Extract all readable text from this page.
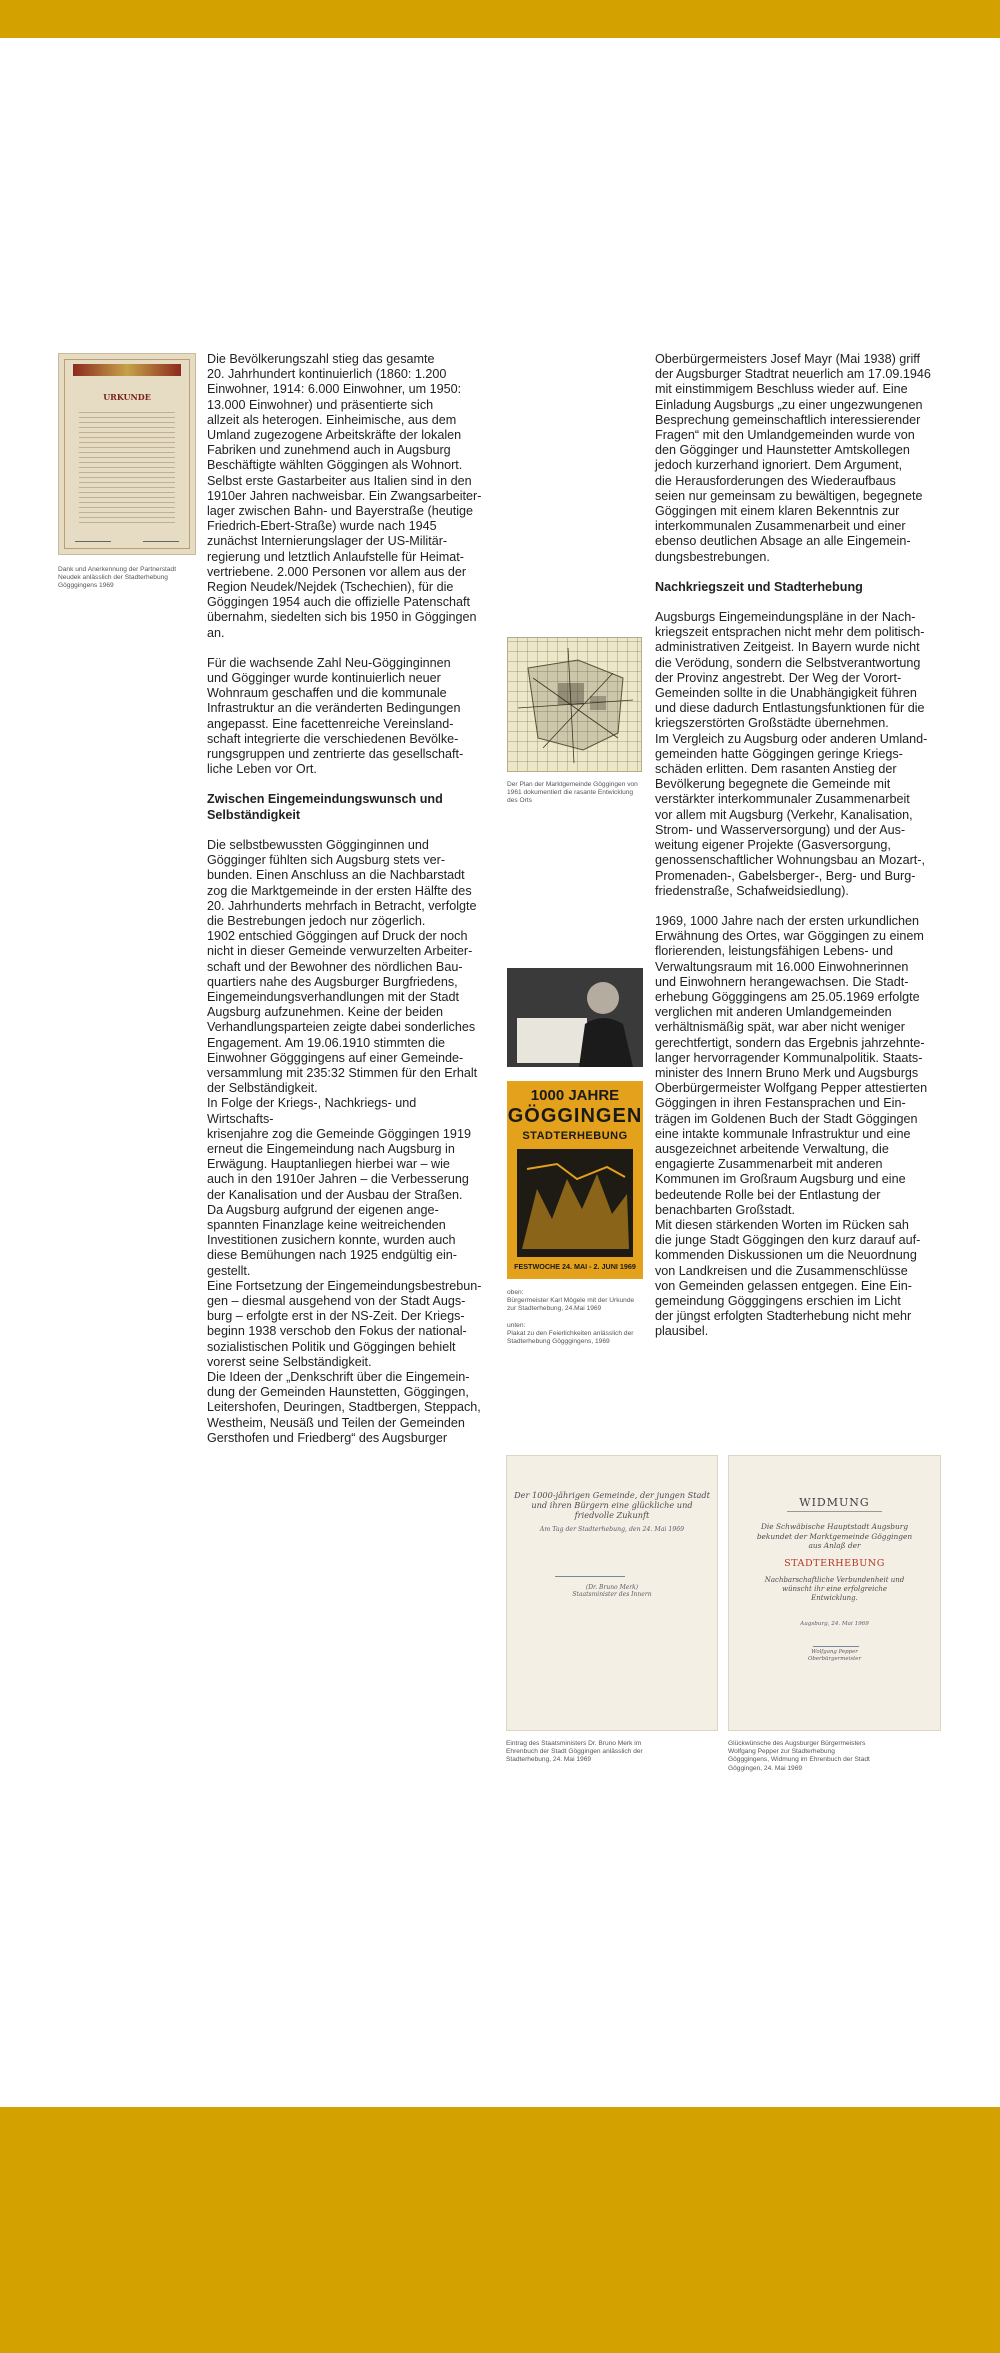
URKUNDE
Dank und Anerkennung der Partnerstadt
Neudek anlässlich der Stadterhebung
Gögggingens 1969

Die Bevölkerungszahl stieg das gesamte
20. Jahrhundert kontinuierlich (1860: 1.200
Einwohner, 1914: 6.000 Einwohner, um 1950:
13.000 Einwohner) und präsentierte sich
allzeit als heterogen. Einheimische, aus dem
Umland zugezogene Arbeitskräfte der lokalen
Fabriken und zunehmend auch in Augsburg
Beschäftigte wählten Göggingen als Wohnort.
Selbst erste Gastarbeiter aus Italien sind in den
1910er Jahren nachweisbar. Ein Zwangsarbeiter-
lager zwischen Bahn- und Bayerstraße (heutige
Friedrich-Ebert-Straße) wurde nach 1945
zunächst Internierungslager der US-Militär-
regierung und letztlich Anlaufstelle für Heimat-
vertriebene. 2.000 Personen vor allem aus der
Region Neudek/Nejdek (Tschechien), für die
Göggingen 1954 auch die offizielle Patenschaft
übernahm, siedelten sich bis 1950 in Göggingen
an.

Für die wachsende Zahl Neu-Gögginginnen
und Gögginger wurde kontinuierlich neuer
Wohnraum geschaffen und die kommunale
Infrastruktur an die veränderten Bedingungen
angepasst. Eine facettenreiche Vereinsland-
schaft integrierte die verschiedenen Bevölke-
rungsgruppen und zentrierte das gesellschaft-
liche Leben vor Ort.

Zwischen Eingemeindungswunsch und
Selbständigkeit

Die selbstbewussten Gögginginnen und
Gögginger fühlten sich Augsburg stets ver-
bunden. Einen Anschluss an die Nachbarstadt
zog die Marktgemeinde in der ersten Hälfte des
20. Jahrhunderts mehrfach in Betracht, verfolgte
die Bestrebungen jedoch nur zögerlich.
1902 entschied Göggingen auf Druck der noch
nicht in dieser Gemeinde verwurzelten Arbeiter-
schaft und der Bewohner des nördlichen Bau-
quartiers nahe des Augsburger Burgfriedens,
Eingemeindungsverhandlungen mit der Stadt
Augsburg aufzunehmen. Keine der beiden
Verhandlungsparteien zeigte dabei sonderliches
Engagement. Am 19.06.1910 stimmten die
Einwohner Gögggingens auf einer Gemeinde-
versammlung mit 235:32 Stimmen für den Erhalt
der Selbständigkeit.
In Folge der Kriegs-, Nachkriegs- und Wirtschafts-
krisenjahre zog die Gemeinde Göggingen 1919
erneut die Eingemeindung nach Augsburg in
Erwägung. Hauptanliegen hierbei war – wie
auch in den 1910er Jahren – die Verbesserung
der Kanalisation und der Ausbau der Straßen.
Da Augsburg aufgrund der eigenen ange-
spannten Finanzlage keine weitreichenden
Investitionen zusichern konnte, wurden auch
diese Bemühungen nach 1925 endgültig ein-
gestellt.
Eine Fortsetzung der Eingemeindungsbestrebun-
gen – diesmal ausgehend von der Stadt Augs-
burg – erfolgte erst in der NS-Zeit. Der Kriegs-
beginn 1938 verschob den Fokus der national-
sozialistischen Politik und Göggingen behielt
vorerst seine Selbständigkeit.
Die Ideen der „Denkschrift über die Eingemein-
dung der Gemeinden Haunstetten, Göggingen,
Leitershofen, Deuringen, Stadtbergen, Steppach,
Westheim, Neusäß und Teilen der Gemeinden
Gersthofen und Friedberg“ des Augsburger

Der Plan der Marktgemeinde Göggingen von
1961 dokumentiert die rasante Entwicklung
des Orts
1000 JAHRE
GÖGGINGEN
STADTERHEBUNG
FESTWOCHE 24. MAI - 2. JUNI 1969
oben:
Bürgermeister Karl Mögele mit der Urkunde
zur Stadterhebung, 24.Mai 1969

unten:
Plakat zu den Feierlichkeiten anlässlich der
Stadterhebung Gögggingens, 1969

Oberbürgermeisters Josef Mayr (Mai 1938) griff
der Augsburger Stadtrat neuerlich am 17.09.1946
mit einstimmigem Beschluss wieder auf. Eine
Einladung Augsburgs „zu einer ungezwungenen
Besprechung gemeinschaftlich interessierender
Fragen“ mit den Umlandgemeinden wurde von
den Gögginger und Haunstetter Amtskollegen
jedoch kurzerhand ignoriert. Dem Argument,
die Herausforderungen des Wiederaufbaus
seien nur gemeinsam zu bewältigen, begegnete
Göggingen mit einem klaren Bekenntnis zur
interkommunalen Zusammenarbeit und einer
ebenso deutlichen Absage an alle Eingemein-
dungsbestrebungen.

Nachkriegszeit und Stadterhebung

Augsburgs Eingemeindungspläne in der Nach-
kriegszeit entsprachen nicht mehr dem politisch-
administrativen Zeitgeist. In Bayern wurde nicht
die Verödung, sondern die Selbstverantwortung
der Provinz angestrebt. Der Weg der Vorort-
Gemeinden sollte in die Unabhängigkeit führen
und diese dadurch Entlastungsfunktionen für die
kriegszerstörten Großstädte übernehmen.
Im Vergleich zu Augsburg oder anderen Umland-
gemeinden hatte Göggingen geringe Kriegs-
schäden erlitten. Dem rasanten Anstieg der
Bevölkerung begegnete die Gemeinde mit
verstärkter interkommunaler Zusammenarbeit
vor allem mit Augsburg (Verkehr, Kanalisation,
Strom- und Wasserversorgung) und der Aus-
weitung eigener Projekte (Gasversorgung,
genossenschaftlicher Wohnungsbau an Mozart-,
Promenaden-, Gabelsberger-, Berg- und Burg-
friedenstraße, Schafweidsiedlung).

1969, 1000 Jahre nach der ersten urkundlichen
Erwähnung des Ortes, war Göggingen zu einem
florierenden, leistungsfähigen Lebens- und
Verwaltungsraum mit 16.000 Einwohnerinnen
und Einwohnern herangewachsen. Die Stadt-
erhebung Gögggingens am 25.05.1969 erfolgte
verglichen mit anderen Umlandgemeinden
verhältnismäßig spät, war aber nicht weniger
gerechtfertigt, sondern das Ergebnis jahrzehnte-
langer hervorragender Kommunalpolitik. Staats-
minister des Innern Bruno Merk und Augsburgs
Oberbürgermeister Wolfgang Pepper attestierten
Göggingen in ihren Festansprachen und Ein-
trägen im Goldenen Buch der Stadt Göggingen
eine intakte kommunale Infrastruktur und eine
ausgezeichnet arbeitende Verwaltung, die
engagierte Zusammenarbeit mit anderen
Kommunen im Großraum Augsburg und eine
bedeutende Rolle bei der Entlastung der
benachbarten Großstadt.
Mit diesen stärkenden Worten im Rücken sah
die junge Stadt Göggingen den kurz darauf auf-
kommenden Diskussionen um die Neuordnung
von Landkreisen und die Zusammenschlüsse
von Gemeinden gelassen entgegen. Eine Ein-
gemeindung Gögggingens erschien im Licht
der jüngst erfolgten Stadterhebung nicht mehr
plausibel.

Der 1000-jährigen Gemeinde, der jungen Stadt
und ihren Bürgern eine glückliche und
friedvolle Zukunft
Am Tag der Stadterhebung, den 24. Mai 1969
(Dr. Bruno Merk)
Staatsminister des Innern
Eintrag des Staatsministers Dr. Bruno Merk im
Ehrenbuch der Stadt Göggingen anlässlich der
Stadterhebung, 24. Mai 1969
WIDMUNG
Die Schwäbische Hauptstadt Augsburg
bekundet der Marktgemeinde Göggingen
aus Anlaß der
STADTERHEBUNG
Nachbarschaftliche Verbundenheit und
wünscht ihr eine erfolgreiche
Entwicklung.
Augsburg, 24. Mai 1969
Wolfgang Pepper
Oberbürgermeister
Glückwünsche des Augsburger Bürgermeisters
Wolfgang Pepper zur Stadterhebung
Gögggingens, Widmung im Ehrenbuch der Stadt
Göggingen, 24. Mai 1969
